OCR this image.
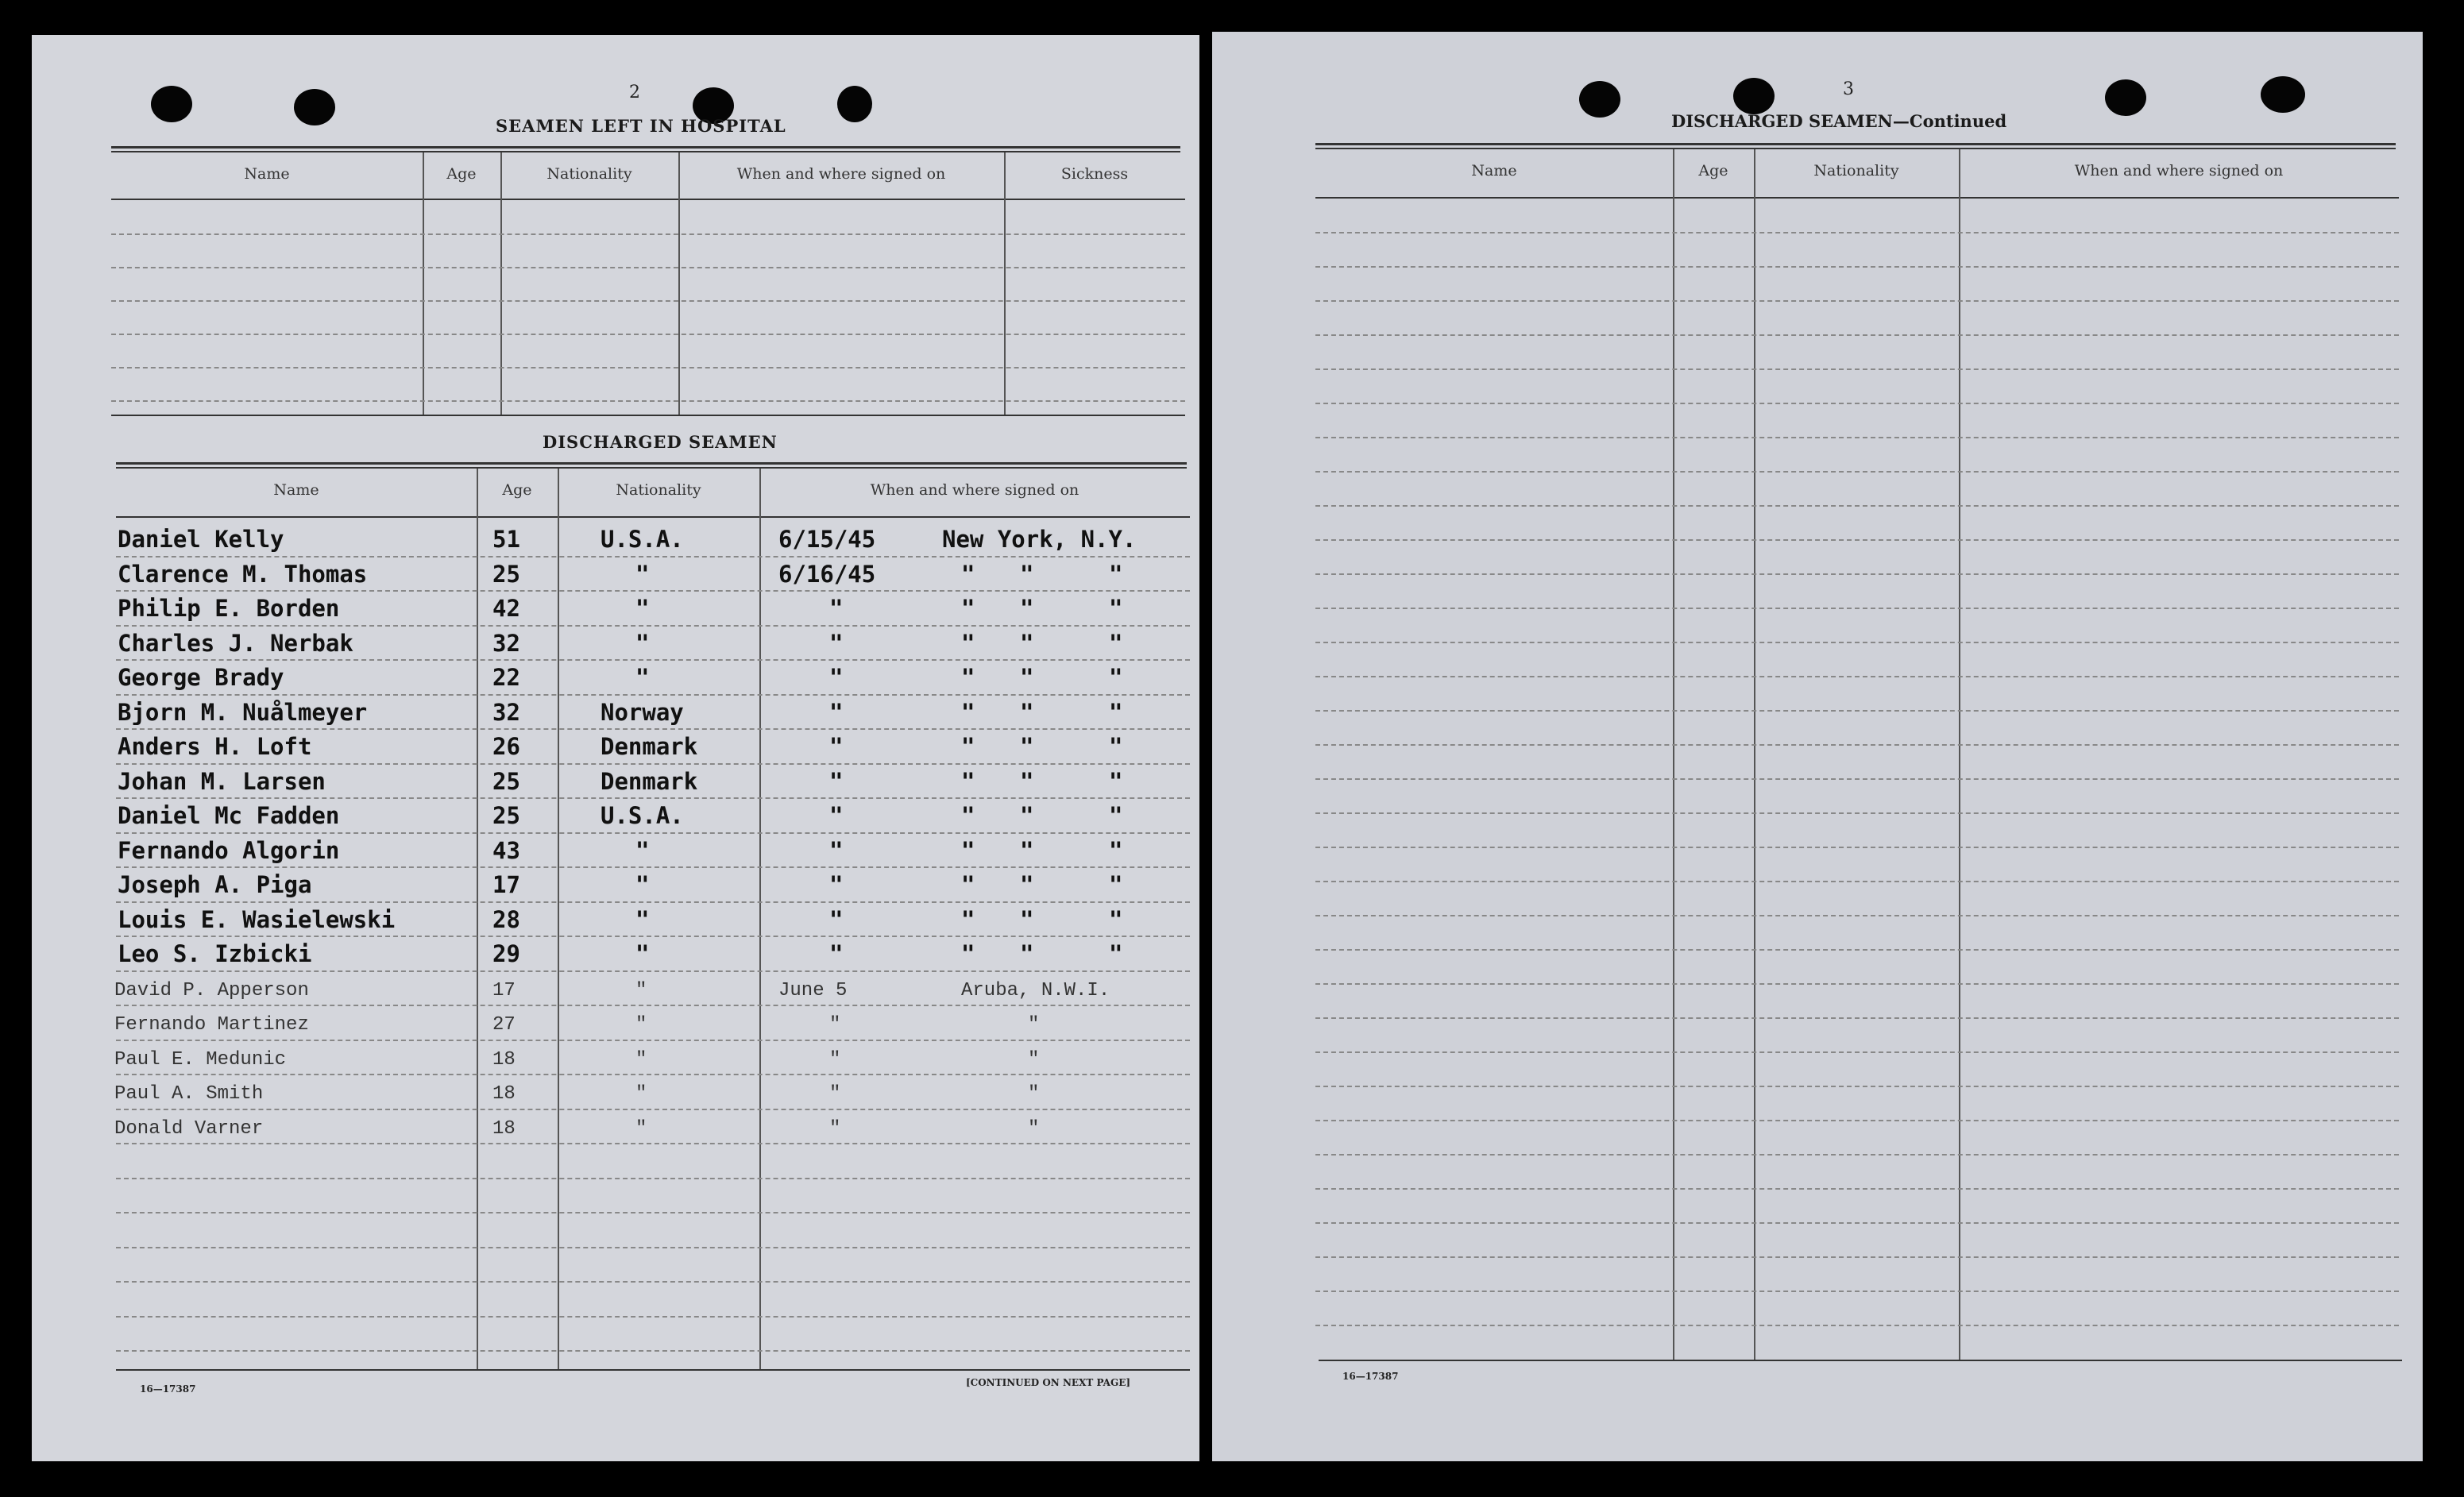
2
SEAMEN LEFT IN HOSPITAL
Name	Age	Nationality	When and where signed on	Sickness
DISCHARGED SEAMEN
Name	Age	Nationality	When and where signed on
Daniel Kelly	51	U.S.A.	6/15/45	New York, N.Y.
Clarence M. Thomas	25	"	6/16/45	" "	"
Philip E. Borden	42	"	"	" "	"
Charles J. Nerbak	32	"	"	" "	"
George Brady	22	"	"	" "	"
Bjorn M. Nuålmeyer	32	Norway	"	" "	"
Anders H. Loft	26	Denmark	"	" "	"
Johan M. Larsen	25	Denmark	"	" "	"
Daniel Mc Fadden	25	U.S.A.	"	" "	"
Fernando Algorin	43	"	"	" "	"
Joseph A. Piga	17	"	"	" "	"
Louis E. Wasielewski	28	"	"	" "	"
Leo S. Izbicki	29	"	"	" "	"
David P. Apperson	17	"	June 5	Aruba, N.W.I.
Fernando Martinez	27	"	"	"
Paul E. Medunic	18	"	"	"
Paul A. Smith	18	"	"	"
Donald Varner	18	"	"	"
16—17387
[CONTINUED ON NEXT PAGE]
3
DISCHARGED SEAMEN—Continued
Name	Age	Nationality	When and where signed on
16—17387
